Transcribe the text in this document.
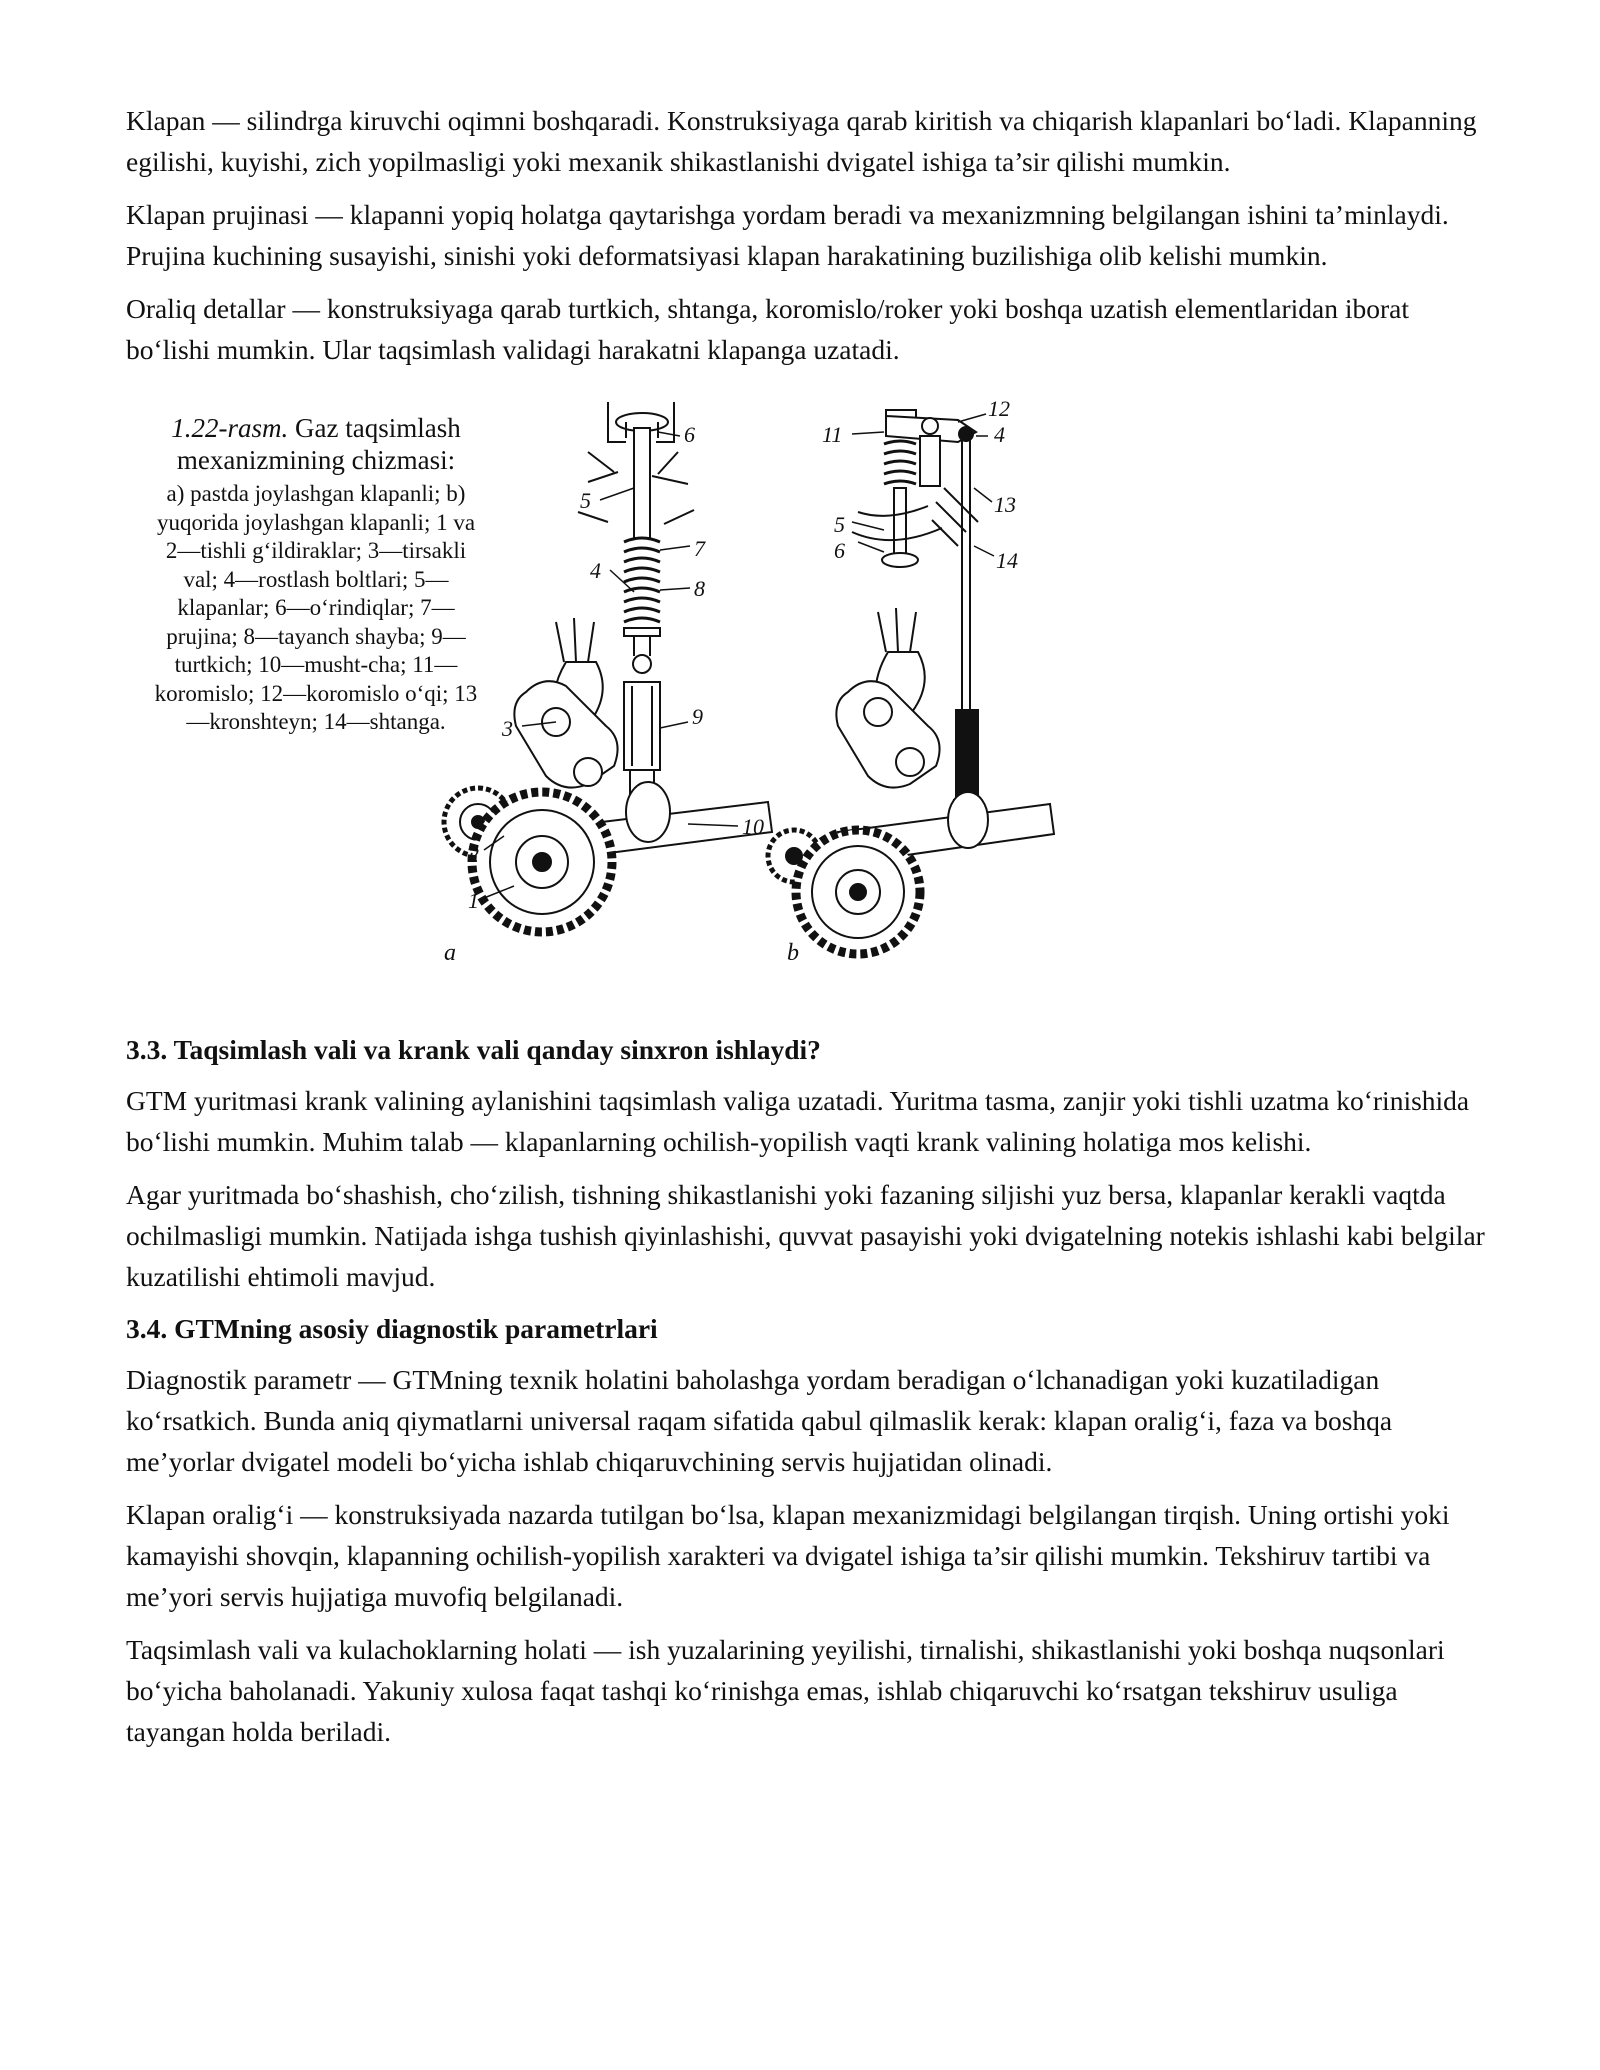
Klapan — silindrga kiruvchi oqimni boshqaradi. Konstruksiyaga qarab kiritish va chiqarish klapanlari bo‘ladi. Klapanning egilishi, kuyishi, zich yopilmasligi yoki mexanik shikastlanishi dvigatel ishiga ta’sir qilishi mumkin.

Klapan prujinasi — klapanni yopiq holatga qaytarishga yordam beradi va mexanizmning belgilangan ishini ta’minlaydi. Prujina kuchining susayishi, sinishi yoki deformatsiyasi klapan harakatining buzilishiga olib kelishi mumkin.

Oraliq detallar — konstruksiyaga qarab turtkich, shtanga, koromislo/roker yoki boshqa uzatish elementlaridan iborat bo‘lishi mumkin. Ular taqsimlash validagi harakatni klapanga uzatadi.

1.22-rasm. Gaz taqsimlash mexanizmining chizmasi:
a) pastda joylashgan klapanli; b) yuqorida joylashgan klapanli; 1 va 2—tishli g‘ildiraklar; 3—tirsakli val; 4—rostlash boltlari; 5—klapanlar; 6—o‘rindiqlar; 7—prujina; 8—tayanch shayba; 9—turtkich; 10—musht-cha; 11—koromislo; 12—koromislo o‘qi; 13—kronshteyn; 14—shtanga.
6
5
7
4
8
9
3
10
2
1
12
11	4
13
5
6	14
a	b
3.3. Taqsimlash vali va krank vali qanday sinxron ishlaydi?

GTM yuritmasi krank valining aylanishini taqsimlash valiga uzatadi. Yuritma tasma, zanjir yoki tishli uzatma ko‘rinishida bo‘lishi mumkin. Muhim talab — klapanlarning ochilish-yopilish vaqti krank valining holatiga mos kelishi.

Agar yuritmada bo‘shashish, cho‘zilish, tishning shikastlanishi yoki fazaning siljishi yuz bersa, klapanlar kerakli vaqtda ochilmasligi mumkin. Natijada ishga tushish qiyinlashishi, quvvat pasayishi yoki dvigatelning notekis ishlashi kabi belgilar kuzatilishi ehtimoli mavjud.

3.4. GTMning asosiy diagnostik parametrlari

Diagnostik parametr — GTMning texnik holatini baholashga yordam beradigan o‘lchanadigan yoki kuzatiladigan ko‘rsatkich. Bunda aniq qiymatlarni universal raqam sifatida qabul qilmaslik kerak: klapan oralig‘i, faza va boshqa me’yorlar dvigatel modeli bo‘yicha ishlab chiqaruvchining servis hujjatidan olinadi.

Klapan oralig‘i — konstruksiyada nazarda tutilgan bo‘lsa, klapan mexanizmidagi belgilangan tirqish. Uning ortishi yoki kamayishi shovqin, klapanning ochilish-yopilish xarakteri va dvigatel ishiga ta’sir qilishi mumkin. Tekshiruv tartibi va me’yori servis hujjatiga muvofiq belgilanadi.

Taqsimlash vali va kulachoklarning holati — ish yuzalarining yeyilishi, tirnalishi, shikastlanishi yoki boshqa nuqsonlari bo‘yicha baholanadi. Yakuniy xulosa faqat tashqi ko‘rinishga emas, ishlab chiqaruvchi ko‘rsatgan tekshiruv usuliga tayangan holda beriladi.
